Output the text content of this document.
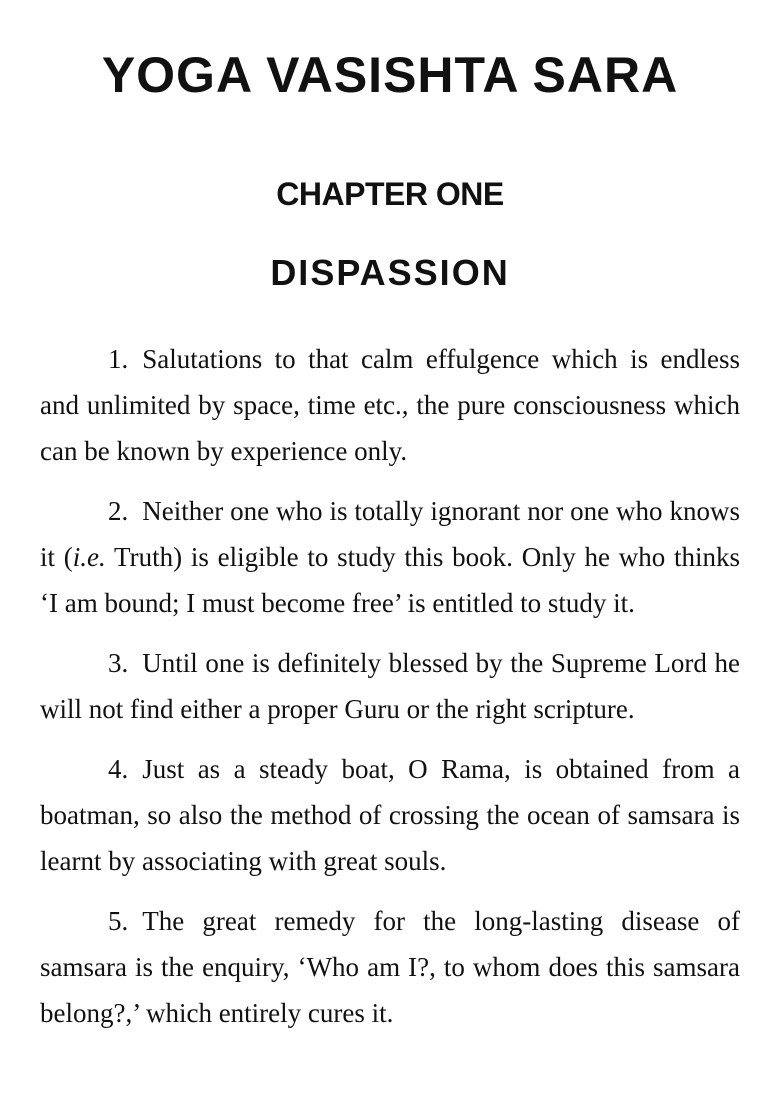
YOGA VASISHTA SARA
CHAPTER ONE
DISPASSION

1. Salutations to that calm effulgence which is endless and unlimited by space, time etc., the pure consciousness which can be known by experience only.

2. Neither one who is totally ignorant nor one who knows it (i.e. Truth) is eligible to study this book. Only he who thinks ‘I am bound; I must become free’ is entitled to study it.

3. Until one is definitely blessed by the Supreme Lord he will not find either a proper Guru or the right scripture.

4. Just as a steady boat, O Rama, is obtained from a boatman, so also the method of crossing the ocean of samsara is learnt by associating with great souls.

5. The great remedy for the long-lasting disease of samsara is the enquiry, ‘Who am I?, to whom does this samsara belong?,’ which entirely cures it.
